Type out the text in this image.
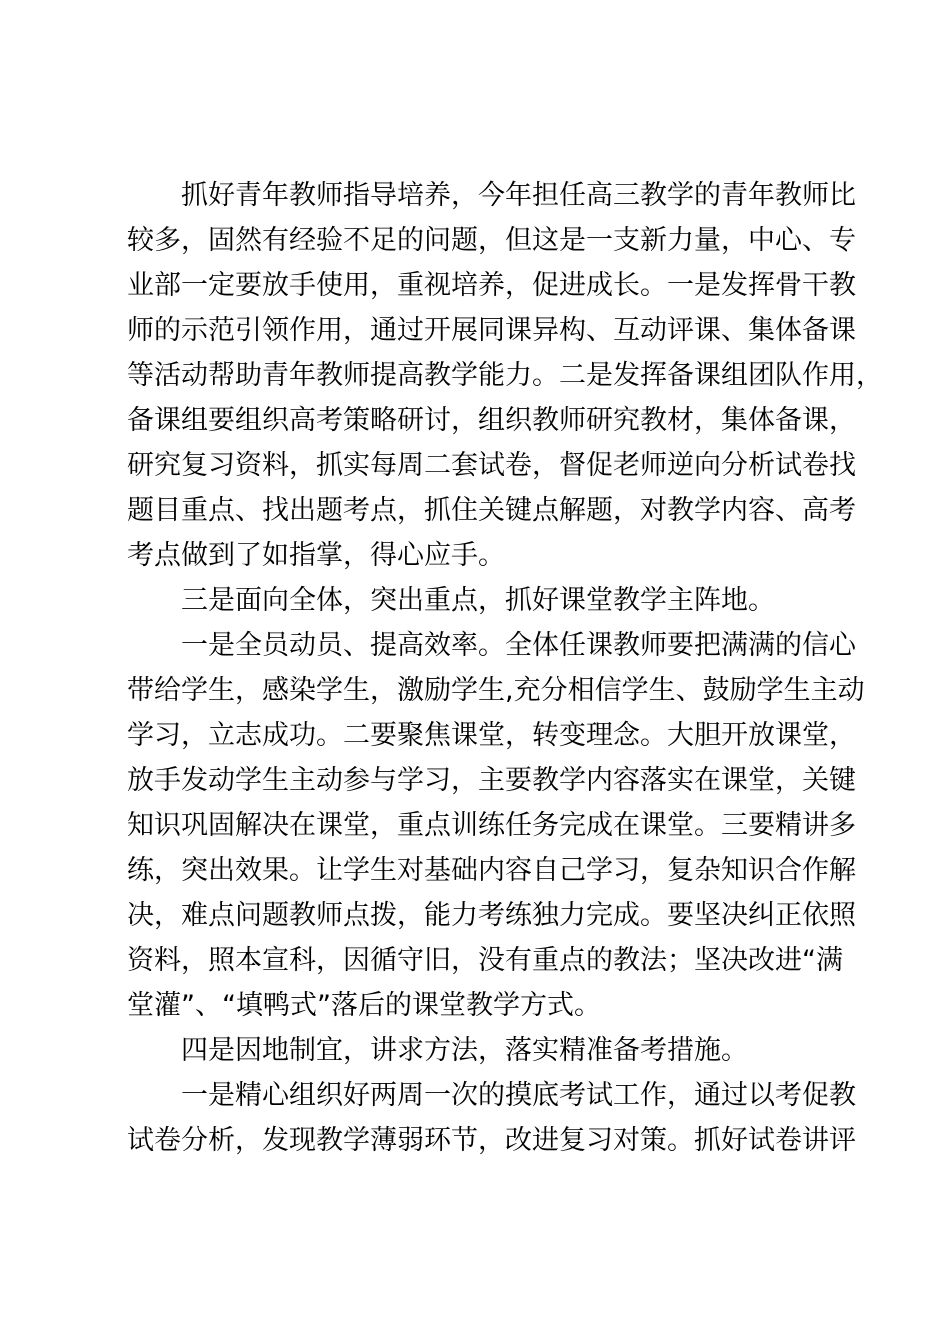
抓好青年教师指导培养，今年担任高三教学的青年教师比
较多，固然有经验不足的问题，但这是一支新力量，中心、专
业部一定要放手使用，重视培养，促进成长。一是发挥骨干教
师的示范引领作用，通过开展同课异构、互动评课、集体备课
等活动帮助青年教师提高教学能力。二是发挥备课组团队作用，
备课组要组织高考策略研讨，组织教师研究教材，集体备课，
研究复习资料，抓实每周二套试卷，督促老师逆向分析试卷找
题目重点、找出题考点，抓住关键点解题，对教学内容、高考
考点做到了如指掌，得心应手。
三是面向全体，突出重点，抓好课堂教学主阵地。
一是全员动员、提高效率。全体任课教师要把满满的信心
带给学生，感染学生，激励学生,充分相信学生、鼓励学生主动
学习，立志成功。二要聚焦课堂，转变理念。大胆开放课堂，
放手发动学生主动参与学习，主要教学内容落实在课堂，关键
知识巩固解决在课堂，重点训练任务完成在课堂。三要精讲多
练，突出效果。让学生对基础内容自己学习，复杂知识合作解
决，难点问题教师点拨，能力考练独力完成。要坚决纠正依照
资料，照本宣科，因循守旧，没有重点的教法；坚决改进“满
堂灌”、“填鸭式”落后的课堂教学方式。
四是因地制宜，讲求方法，落实精准备考措施。
一是精心组织好两周一次的摸底考试工作，通过以考促教
试卷分析，发现教学薄弱环节，改进复习对策。抓好试卷讲评
